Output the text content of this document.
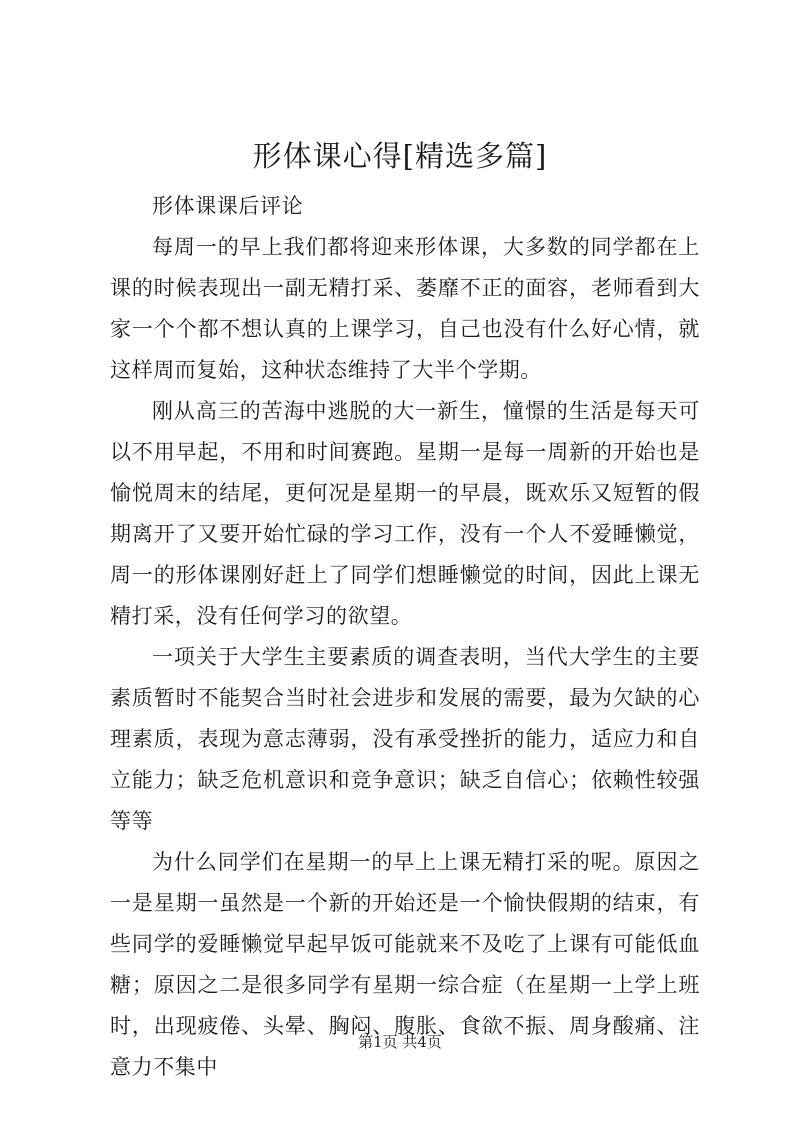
形体课心得[精选多篇]

形体课课后评论

每周一的早上我们都将迎来形体课，大多数的同学都在上课的时候表现出一副无精打采、萎靡不正的面容，老师看到大家一个个都不想认真的上课学习，自己也没有什么好心情，就这样周而复始，这种状态维持了大半个学期。

刚从高三的苦海中逃脱的大一新生，憧憬的生活是每天可以不用早起，不用和时间赛跑。星期一是每一周新的开始也是愉悦周末的结尾，更何况是星期一的早晨，既欢乐又短暂的假期离开了又要开始忙碌的学习工作，没有一个人不爱睡懒觉，周一的形体课刚好赶上了同学们想睡懒觉的时间，因此上课无精打采，没有任何学习的欲望。

一项关于大学生主要素质的调查表明，当代大学生的主要素质暂时不能契合当时社会进步和发展的需要，最为欠缺的心理素质，表现为意志薄弱，没有承受挫折的能力，适应力和自立能力；缺乏危机意识和竞争意识；缺乏自信心；依赖性较强等等

为什么同学们在星期一的早上上课无精打采的呢。原因之一是星期一虽然是一个新的开始还是一个愉快假期的结束，有些同学的爱睡懒觉早起早饭可能就来不及吃了上课有可能低血糖；原因之二是很多同学有星期一综合症（在星期一上学上班时，出现疲倦、头晕、胸闷、腹胀、食欲不振、周身酸痛、注意力不集中

第1页 共4页
